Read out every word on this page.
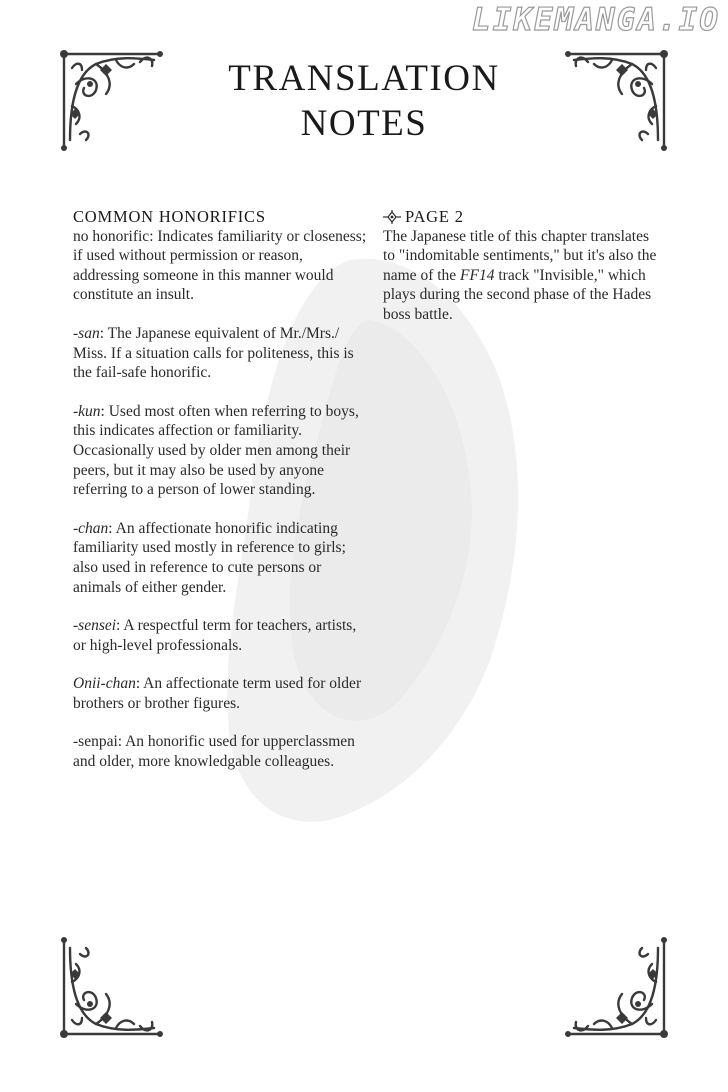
LIKEMANGA.IO
TRANSLATION
NOTES
COMMON HONORIFICS

no honorific: Indicates familiarity or closeness; if used without permission or reason, addressing someone in this manner would constitute an insult.

-san: The Japanese equivalent of Mr./Mrs./ Miss. If a situation calls for politeness, this is the fail-safe honorific.

-kun: Used most often when referring to boys, this indicates affection or familiarity. Occasionally used by older men among their peers, but it may also be used by anyone referring to a person of lower standing.

-chan: An affectionate honorific indicating familiarity used mostly in reference to girls; also used in reference to cute persons or animals of either gender.

-sensei: A respectful term for teachers, artists, or high-level professionals.

Onii-chan: An affectionate term used for older brothers or brother figures.

-senpai: An honorific used for upperclassmen and older, more knowledgable colleagues.

PAGE 2

The Japanese title of this chapter translates to "indomitable sentiments," but it's also the name of the FF14 track "Invisible," which plays during the second phase of the Hades boss battle.
